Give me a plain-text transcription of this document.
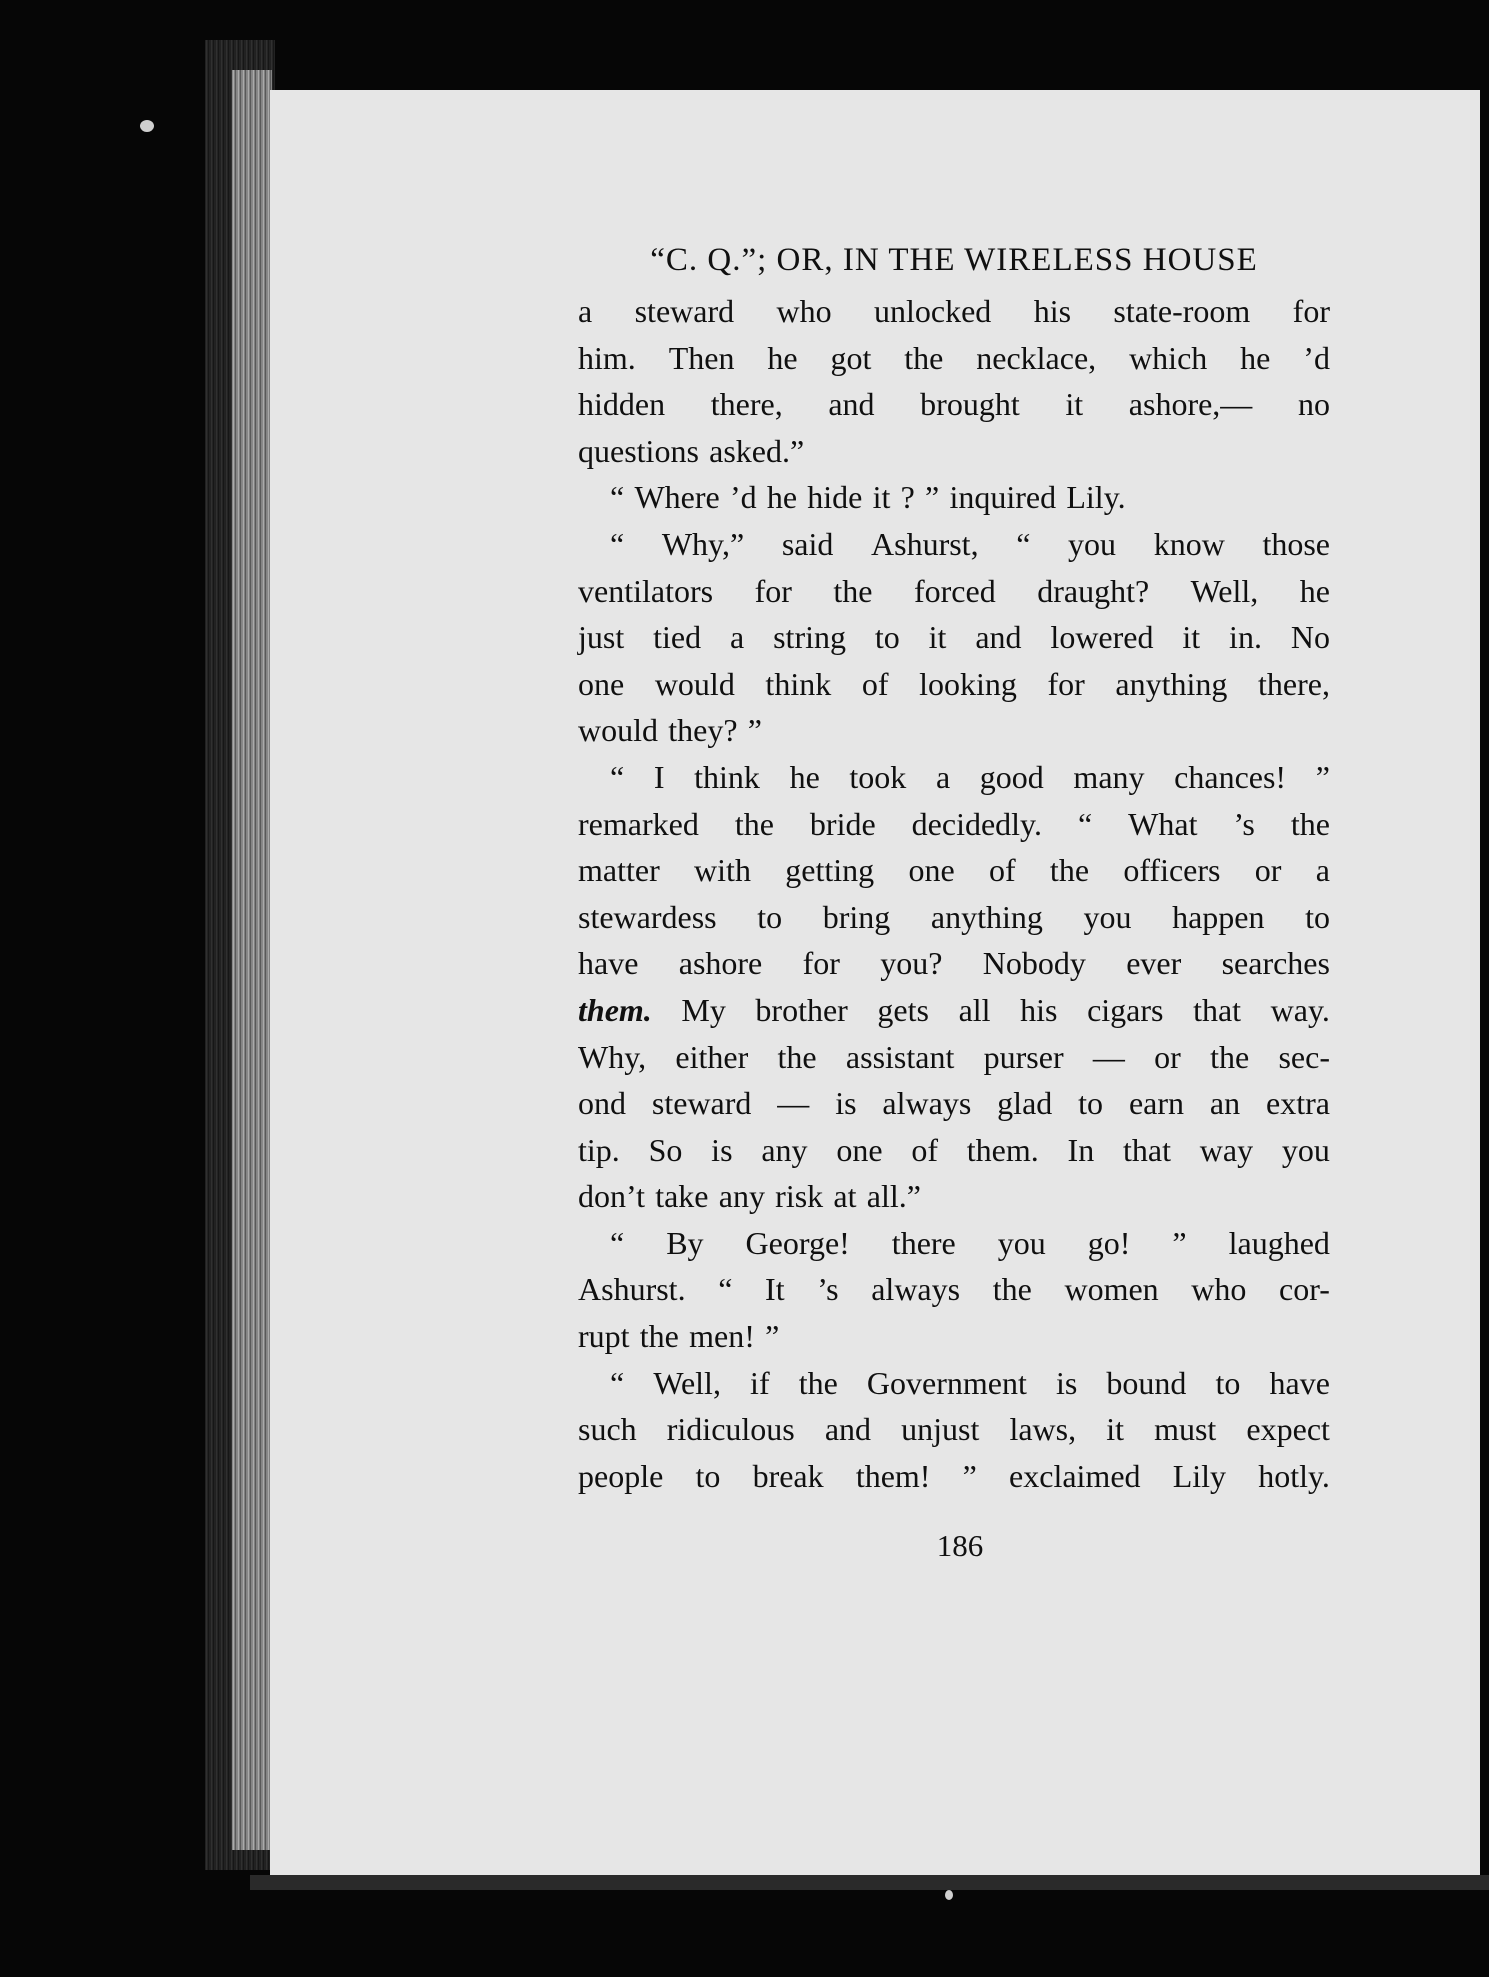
“C. Q.”; OR, IN THE WIRELESS HOUSE
a steward who unlocked his state-room for
him. Then he got the necklace, which he ’d
hidden there, and brought it ashore,— no
questions asked.”
“ Where ’d he hide it ? ” inquired Lily.
“ Why,” said Ashurst, “ you know those
ventilators for the forced draught? Well, he
just tied a string to it and lowered it in. No
one would think of looking for anything there,
would they? ”
“ I think he took a good many chances! ”
remarked the bride decidedly. “ What ’s the
matter with getting one of the officers or a
stewardess to bring anything you happen to
have ashore for you? Nobody ever searches
them. My brother gets all his cigars that way.
Why, either the assistant purser — or the sec-
ond steward — is always glad to earn an extra
tip. So is any one of them. In that way you
don’t take any risk at all.”
“ By George! there you go! ” laughed
Ashurst. “ It ’s always the women who cor-
rupt the men! ”
“ Well, if the Government is bound to have
such ridiculous and unjust laws, it must expect
people to break them! ” exclaimed Lily hotly.
186
